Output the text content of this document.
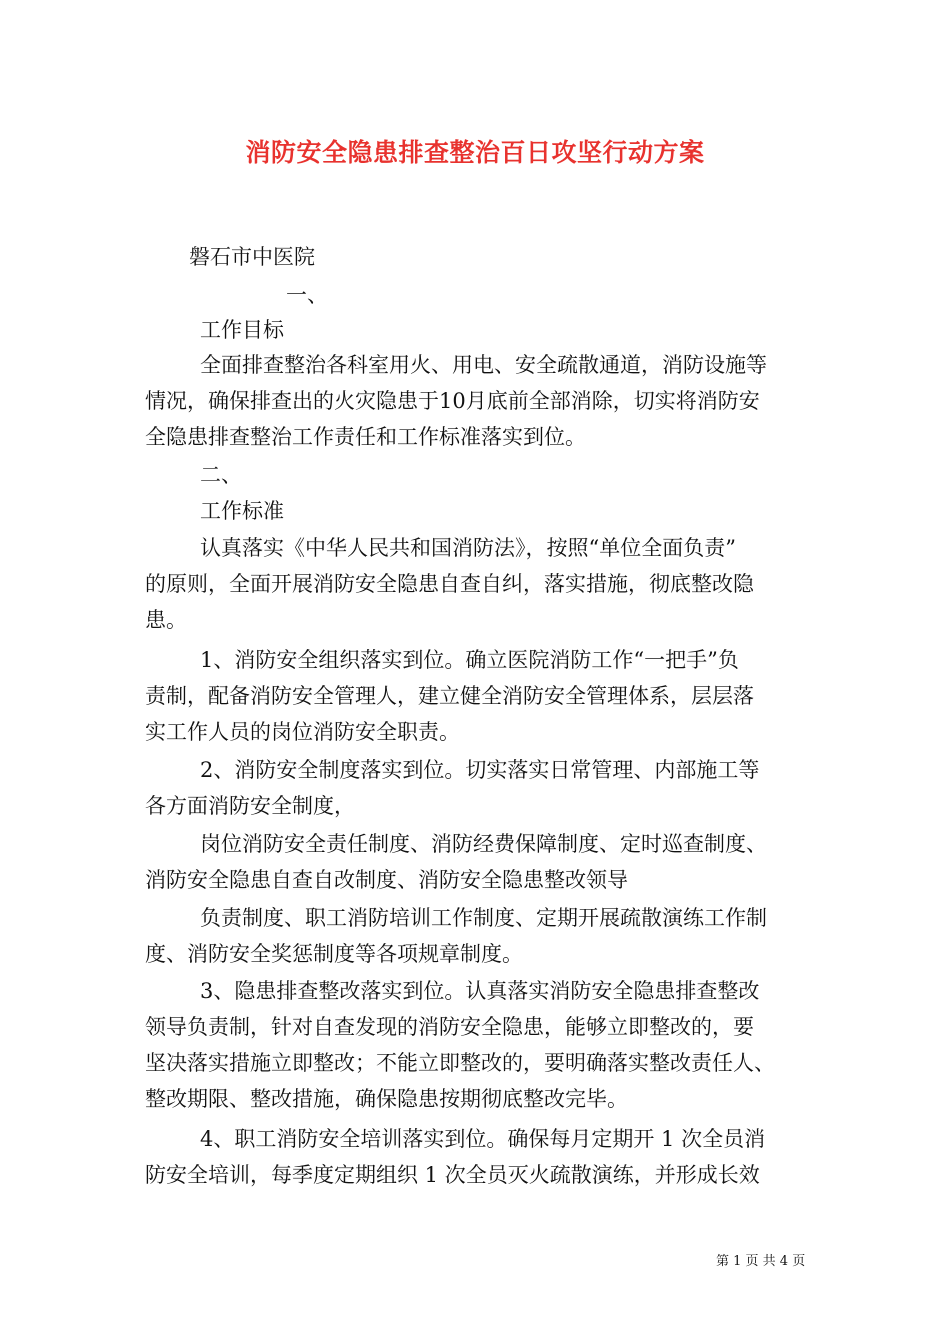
消防安全隐患排查整治百日攻坚行动方案
磐石市中医院
一、
工作目标
全面排查整治各科室用火、用电、安全疏散通道，消防设施等
情况，确保排查出的火灾隐患于10月底前全部消除，切实将消防安
全隐患排查整治工作责任和工作标准落实到位。
二、
工作标准
认真落实《中华人民共和国消防法》，按照“单位全面负责”
的原则，全面开展消防安全隐患自查自纠，落实措施，彻底整改隐
患。
1、消防安全组织落实到位。确立医院消防工作“一把手”负
责制，配备消防安全管理人，建立健全消防安全管理体系，层层落
实工作人员的岗位消防安全职责。
2、消防安全制度落实到位。切实落实日常管理、内部施工等
各方面消防安全制度，
岗位消防安全责任制度、消防经费保障制度、定时巡查制度、
消防安全隐患自查自改制度、消防安全隐患整改领导
负责制度、职工消防培训工作制度、定期开展疏散演练工作制
度、消防安全奖惩制度等各项规章制度。
3、隐患排查整改落实到位。认真落实消防安全隐患排查整改
领导负责制，针对自查发现的消防安全隐患，能够立即整改的，要
坚决落实措施立即整改；不能立即整改的，要明确落实整改责任人、
整改期限、整改措施，确保隐患按期彻底整改完毕。
4、职工消防安全培训落实到位。确保每月定期开 1 次全员消
防安全培训，每季度定期组织 1 次全员灭火疏散演练，并形成长效
第 1 页 共 4 页
